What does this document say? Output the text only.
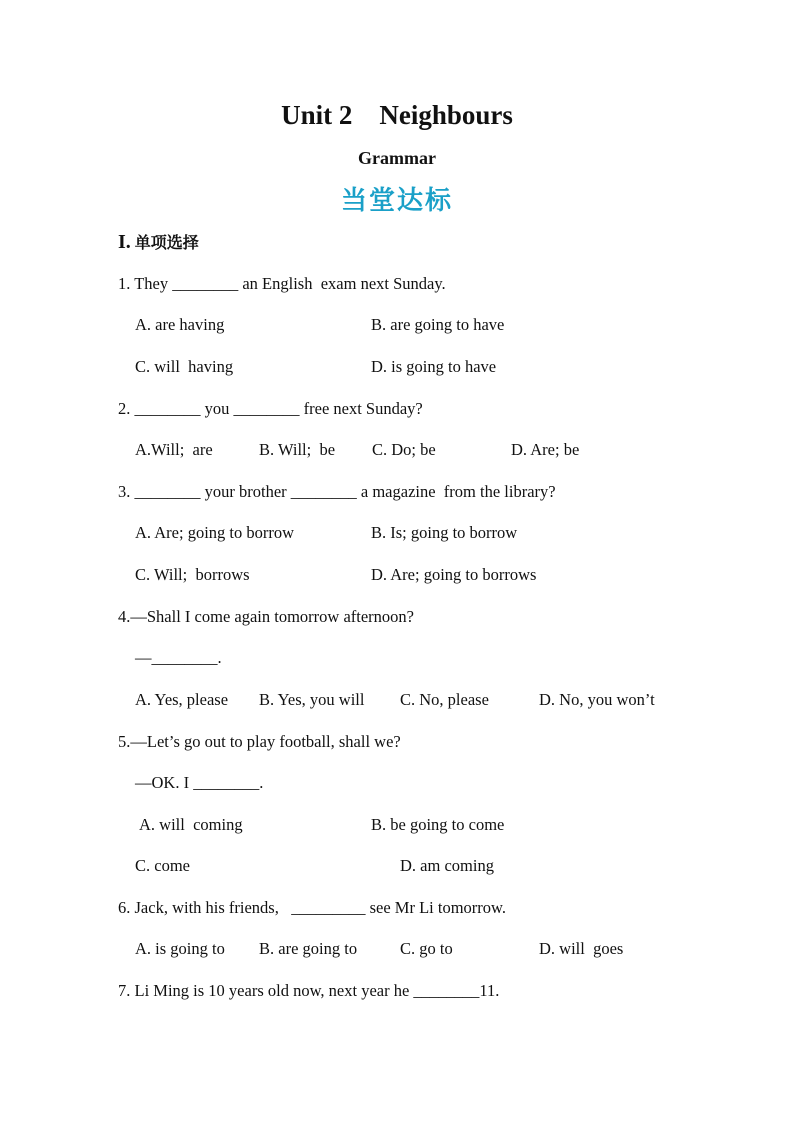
Unit 2    Neighbours
Grammar
当堂达标
I. 单项选择
1. They ________ an English  exam next Sunday.
A. are having	B. are going to have
C. will  having	D. is going to have
2. ________ you ________ free next Sunday?
A.Will;  are	B. Will;  be C. Do; be	D. Are; be
3. ________ your brother ________ a magazine  from the library?
A. Are; going to borrow	B. Is; going to borrow
C. Will;  borrows	D. Are; going to borrows
4.—Shall I come again tomorrow afternoon?
—________.
A. Yes, please B. Yes, you will C. No, please	D. No, you won’t
5.—Let’s go out to play football, shall we?
—OK. I ________.
A. will  coming	B. be going to come
C. come	D. am coming
6. Jack, with his friends,   _________ see Mr Li tomorrow.
A. is going to B. are going to	C. go to	D. will  goes
7. Li Ming is 10 years old now, next year he ________11.
